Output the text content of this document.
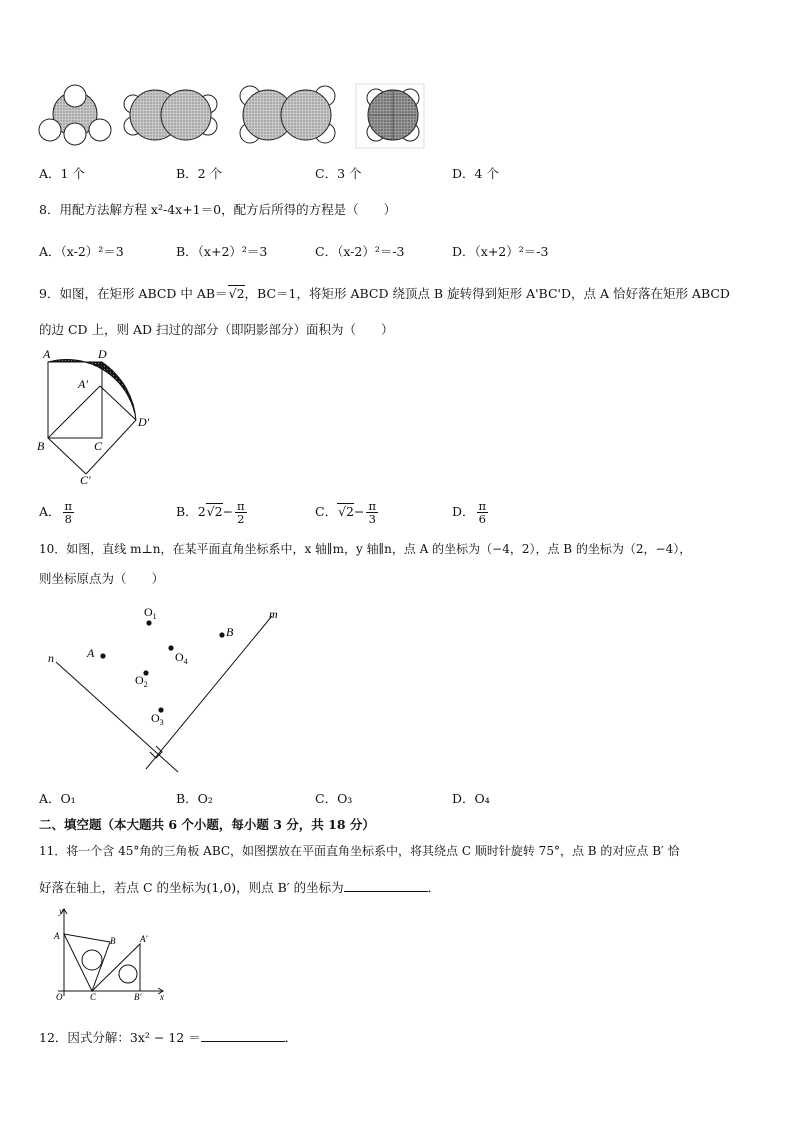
A．1 个	B．2 个	C．3 个	D．4 个
8．用配方法解方程 x²-4x+1＝0，配方后所得的方程是（　　）
A．（x-2）²＝3	B．（x+2）²＝3	C．（x-2）²＝-3	D．（x+2）²＝-3
9．如图，在矩形 ABCD 中 AB＝√2，BC＝1，将矩形 ABCD 绕顶点 B 旋转得到矩形 A'BC'D，点 A 恰好落在矩形 ABCD
的边 CD 上，则 AD 扫过的部分（即阴影部分）面积为（　　）
A	D
A'
D'
B	C
C'
A． $\frac{\pi}{8}$	B．$2√2- \frac{\pi}{2}$	C．$√2- \frac{\pi}{3}$	D． $\frac{\pi}{6}$
10．如图，直线 m⊥n，在某平面直角坐标系中，x 轴∥m，y 轴∥n，点 A 的坐标为（−4，2），点 B 的坐标为（2，−4），
则坐标原点为（　　）
$O_1$
B
$O_4$
A
$O_2$
$O_3$
m
n
A．O₁	B．O₂	C．O₃	D．O₄
二、填空题（本大题共 6 个小题，每小题 3 分，共 18 分）
11．将一个含 45°角的三角板 ABC，如图摆放在平面直角坐标系中，将其绕点 C 顺时针旋转 75°，点 B 的对应点 B′ 恰
好落在轴上，若点 C 的坐标为(1,0)，则点 B′ 的坐标为	．
y
A	B	A'
O	C	B' x
12．因式分解：3x² − 12 ＝	．
